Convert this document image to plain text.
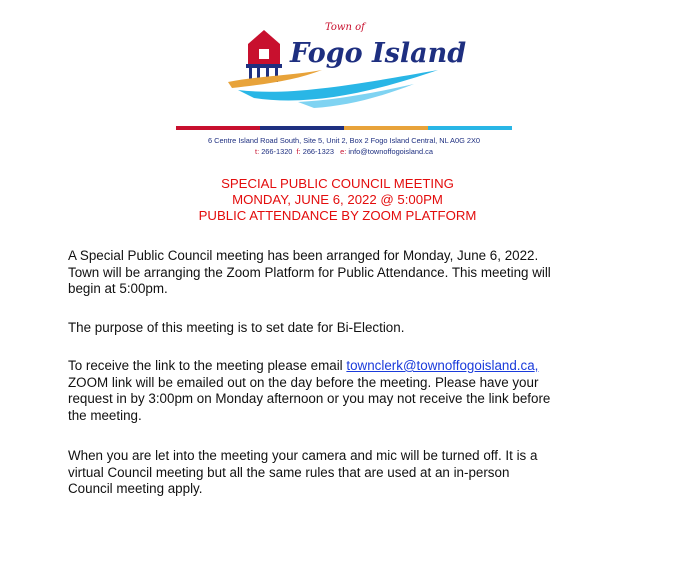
Town of
Fogo Island
6 Centre Island Road South, Site 5, Unit 2, Box 2 Fogo Island Central, NL A0G 2X0
t: 266-1320 f: 266-1323 e: info@townoffogoisland.ca
SPECIAL PUBLIC COUNCIL MEETING
MONDAY, JUNE 6, 2022 @ 5:00PM
PUBLIC ATTENDANCE BY ZOOM PLATFORM
A Special Public Council meeting has been arranged for Monday, June 6, 2022.
Town will be arranging the Zoom Platform for Public Attendance. This meeting will
begin at 5:00pm.
The purpose of this meeting is to set date for Bi-Election.
To receive the link to the meeting please email townclerk@townoffogoisland.ca,
ZOOM link will be emailed out on the day before the meeting. Please have your
request in by 3:00pm on Monday afternoon or you may not receive the link before
the meeting.
When you are let into the meeting your camera and mic will be turned off. It is a
virtual Council meeting but all the same rules that are used at an in-person
Council meeting apply.
